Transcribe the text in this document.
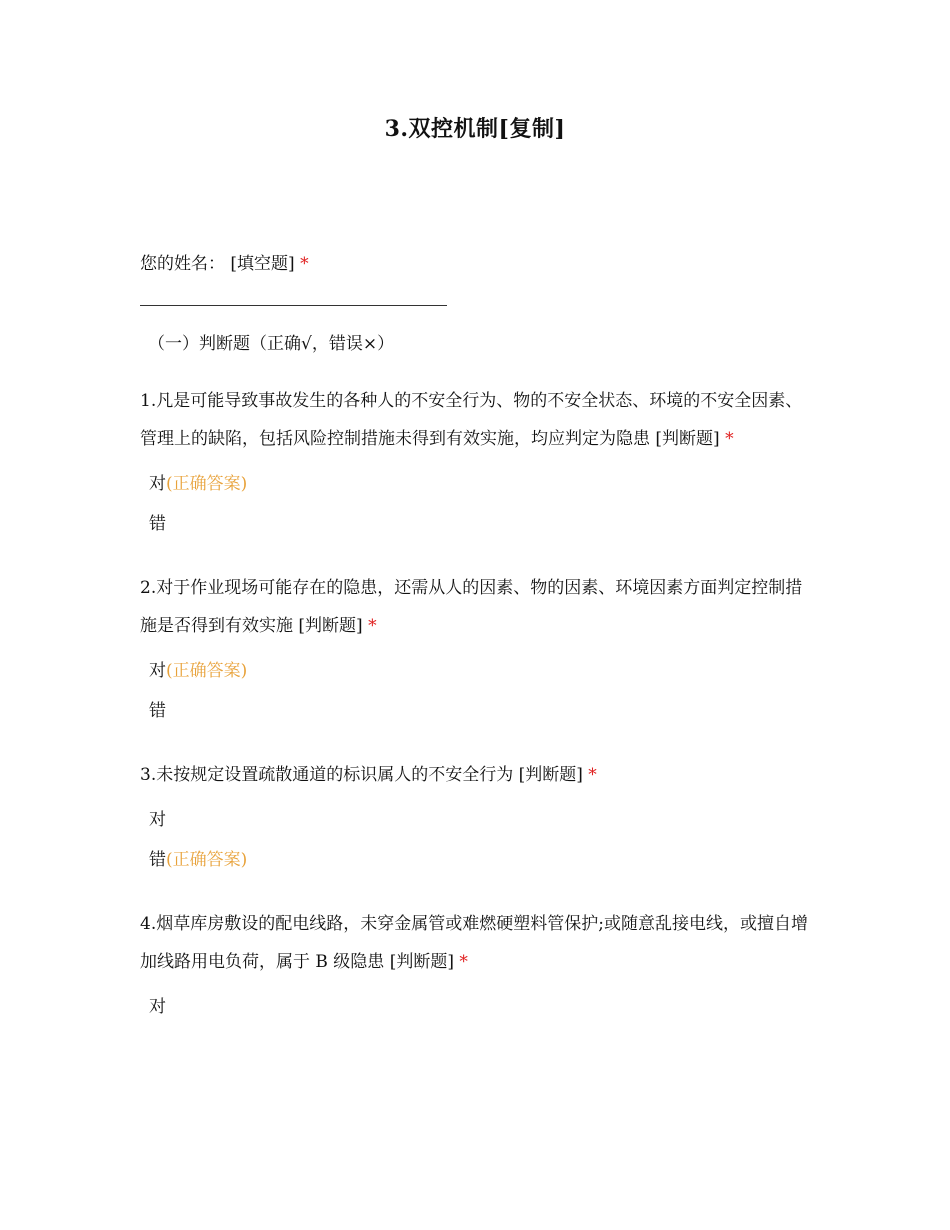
3.双控机制[复制]
您的姓名： [填空题] *
（一）判断题（正确√，错误×）
1.凡是可能导致事故发生的各种人的不安全行为、物的不安全状态、环境的不安全因素、管理上的缺陷，包括风险控制措施未得到有效实施，均应判定为隐患 [判断题] *
对(正确答案)
错
2.对于作业现场可能存在的隐患，还需从人的因素、物的因素、环境因素方面判定控制措施是否得到有效实施 [判断题] *
对(正确答案)
错
3.未按规定设置疏散通道的标识属人的不安全行为 [判断题] *
对
错(正确答案)
4.烟草库房敷设的配电线路，未穿金属管或难燃硬塑料管保护;或随意乱接电线，或擅自增加线路用电负荷，属于 B 级隐患 [判断题] *
对
